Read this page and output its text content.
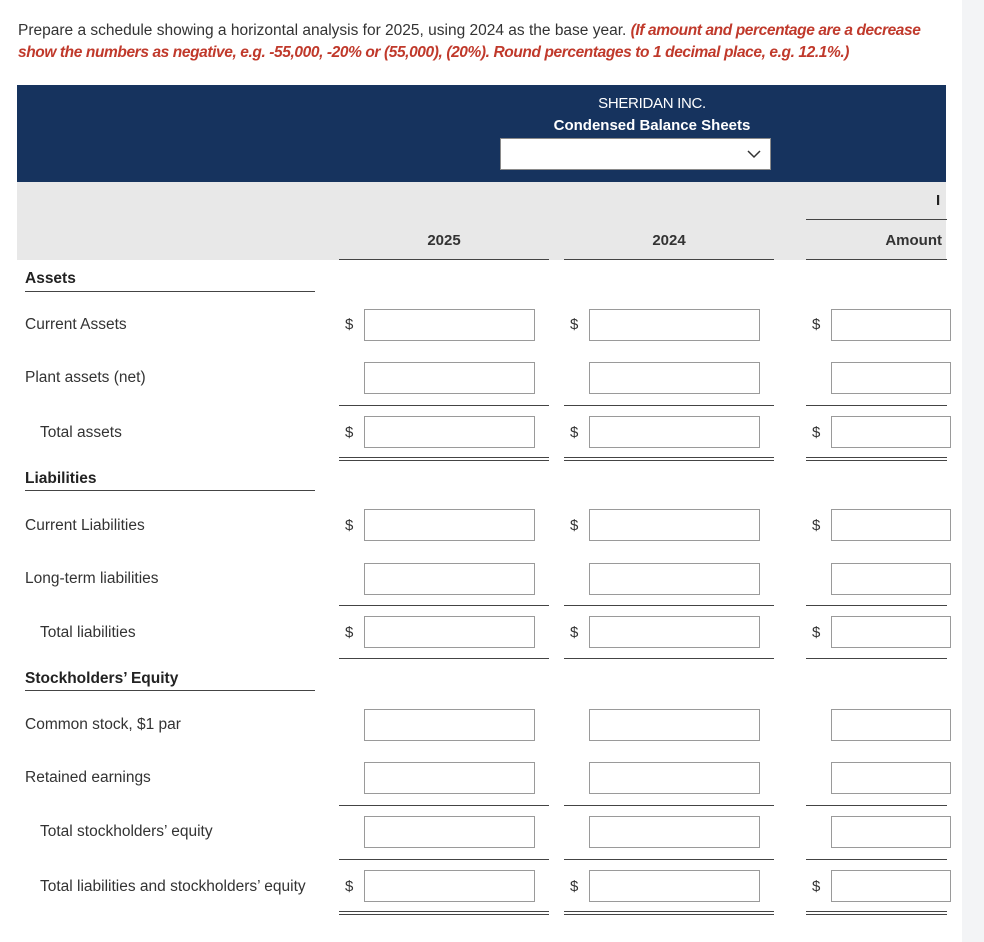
Prepare a schedule showing a horizontal analysis for 2025, using 2024 as the base year. (If amount and percentage are a decrease show the numbers as negative, e.g. -55,000, -20% or (55,000), (20%). Round percentages to 1 decimal place, e.g. 12.1%.)
SHERIDAN INC.
Condensed Balance Sheets
I
2025	2024	Amount
Assets
Current Assets	$	$	$
Plant assets (net)
Total assets	$	$	$
Liabilities
Current Liabilities	$	$	$
Long-term liabilities
Total liabilities	$	$	$
Stockholders’ Equity
Common stock, $1 par
Retained earnings
Total stockholders’ equity
Total liabilities and stockholders’ equity	$	$	$
